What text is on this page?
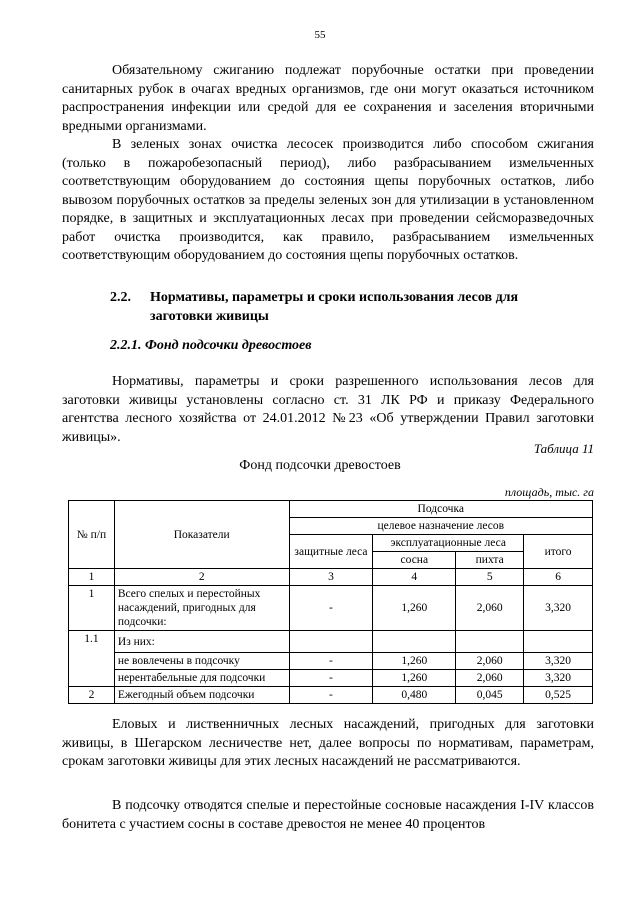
55

Обязательному сжиганию подлежат порубочные остатки при проведении санитарных рубок в очагах вредных организмов, где они могут оказаться источником распространения инфекции или средой для ее сохранения и заселения вторичными вредными организмами.

В зеленых зонах очистка лесосек производится либо способом сжигания (только в пожаробезопасный период), либо разбрасыванием измельченных соответствующим оборудованием до состояния щепы порубочных остатков, либо вывозом порубочных остатков за пределы зеленых зон для утилизации в установленном порядке, в защитных и эксплуатационных лесах при проведении сейсморазведочных работ очистка производится, как правило, разбрасыванием измельченных соответствующим оборудованием до состояния щепы порубочных остатков.

2.2. Нормативы, параметры и сроки использования лесов для
заготовки живицы
2.2.1. Фонд подсочки древостоев

Нормативы, параметры и сроки разрешенного использования лесов для заготовки живицы установлены согласно ст. 31 ЛК РФ и приказу Федерального агентства лесного хозяйства от 24.01.2012 №23 «Об утверждении Правил заготовки живицы».

Таблица 11
Фонд подсочки древостоев
площадь, тыс. га
№ п/п	Показатели	Подсочка			
		целевое назначение лесов			
		защитные леса	эксплуатационные леса		итого
			сосна	пихта	
1	2	3	4	5	6
1	Всего спелых и перестойных насаждений, пригодных для подсочки:	-	1,260	2,060	3,320
1.1	Из них:				
	не вовлечены в подсочку	-	1,260	2,060	3,320
	нерентабельные для подсочки	-	1,260	2,060	3,320
2	Ежегодный объем подсочки	-	0,480	0,045	0,525

Еловых и лиственничных лесных насаждений, пригодных для заготовки живицы, в Шегарском лесничестве нет, далее вопросы по нормативам, параметрам, срокам заготовки живицы для этих лесных насаждений не рассматриваются.

В подсочку отводятся спелые и перестойные сосновые насаждения I-IV классов бонитета с участием сосны в составе древостоя не менее 40 процентов
